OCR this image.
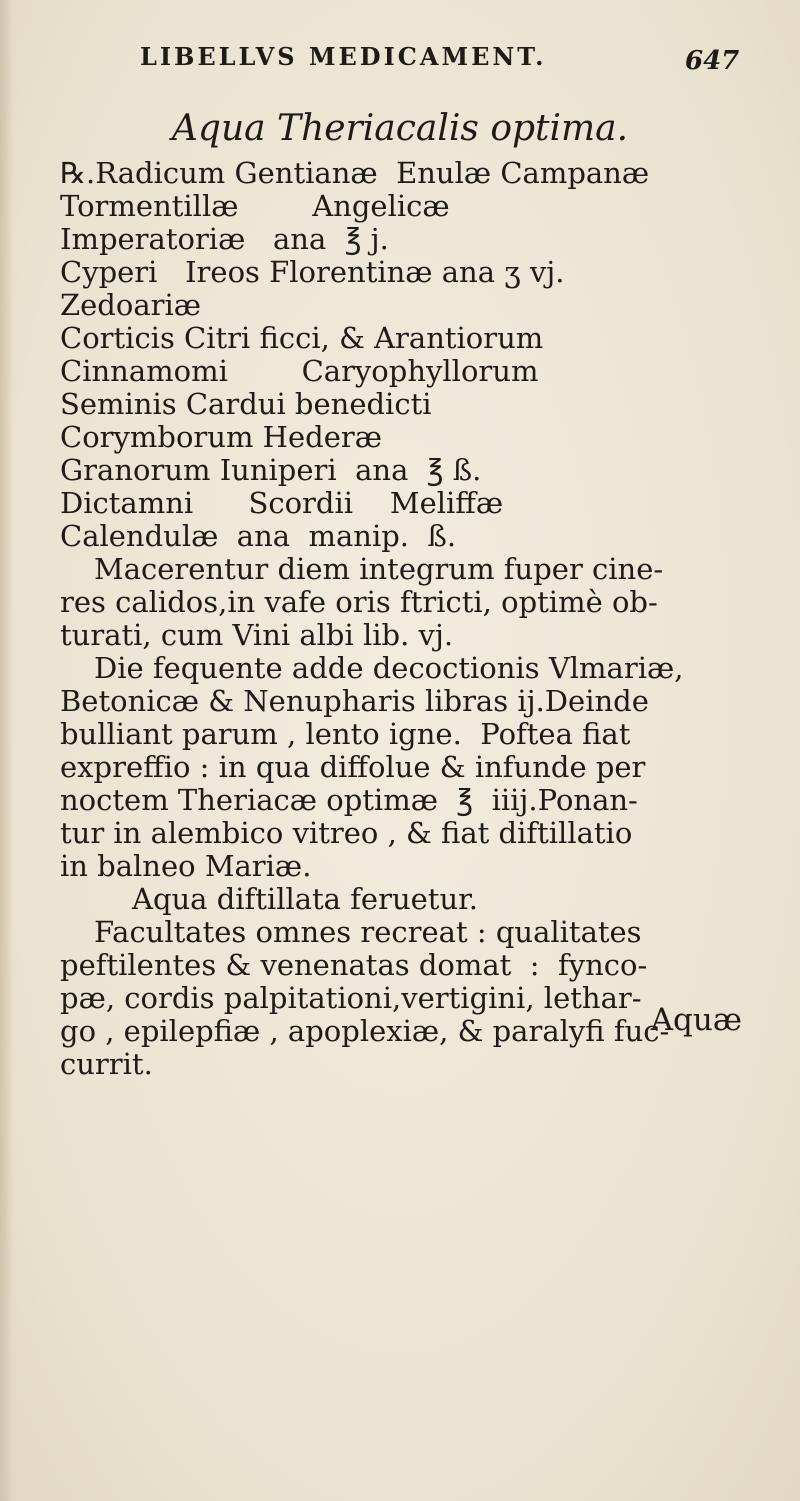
LIBELLVS MEDICAMENT.	647
Aqua Theriacalis optima.
℞.Radicum Gentianæ  Enulæ Campanæ
Tormentillæ        Angelicæ
Imperatoriæ   ana  ℥ j.
Cyperi   Ireos Florentinæ ana ʒ vj.
Zedoariæ
Corticis Citri ficci, & Arantiorum
Cinnamomi        Caryophyllorum
Seminis Cardui benedicti
Corymborum Hederæ
Granorum Iuniperi  ana  ℥ ß.
Dictamni      Scordii    Meliffæ
Calendulæ  ana  manip.  ß.
Macerentur diem integrum fuper cine-
res calidos,in vafe oris ftricti, optimè ob-
turati, cum Vini albi lib. vj.
Die fequente adde decoctionis Vlmariæ,
Betonicæ & Nenupharis libras ij.Deinde
bulliant parum , lento igne.  Poftea fiat
expreffio : in qua diffolue & infunde per
noctem Theriacæ optimæ  ℥  iiij.Ponan-
tur in alembico vitreo , & fiat diftillatio
in balneo Mariæ.
Aqua diftillata feruetur.
Facultates omnes recreat : qualitates
peftilentes & venenatas domat  :  fynco-
pæ, cordis palpitationi,vertigini, lethar-
go , epilepfiæ , apoplexiæ, & paralyfi fuc-
currit.
Aquæ
